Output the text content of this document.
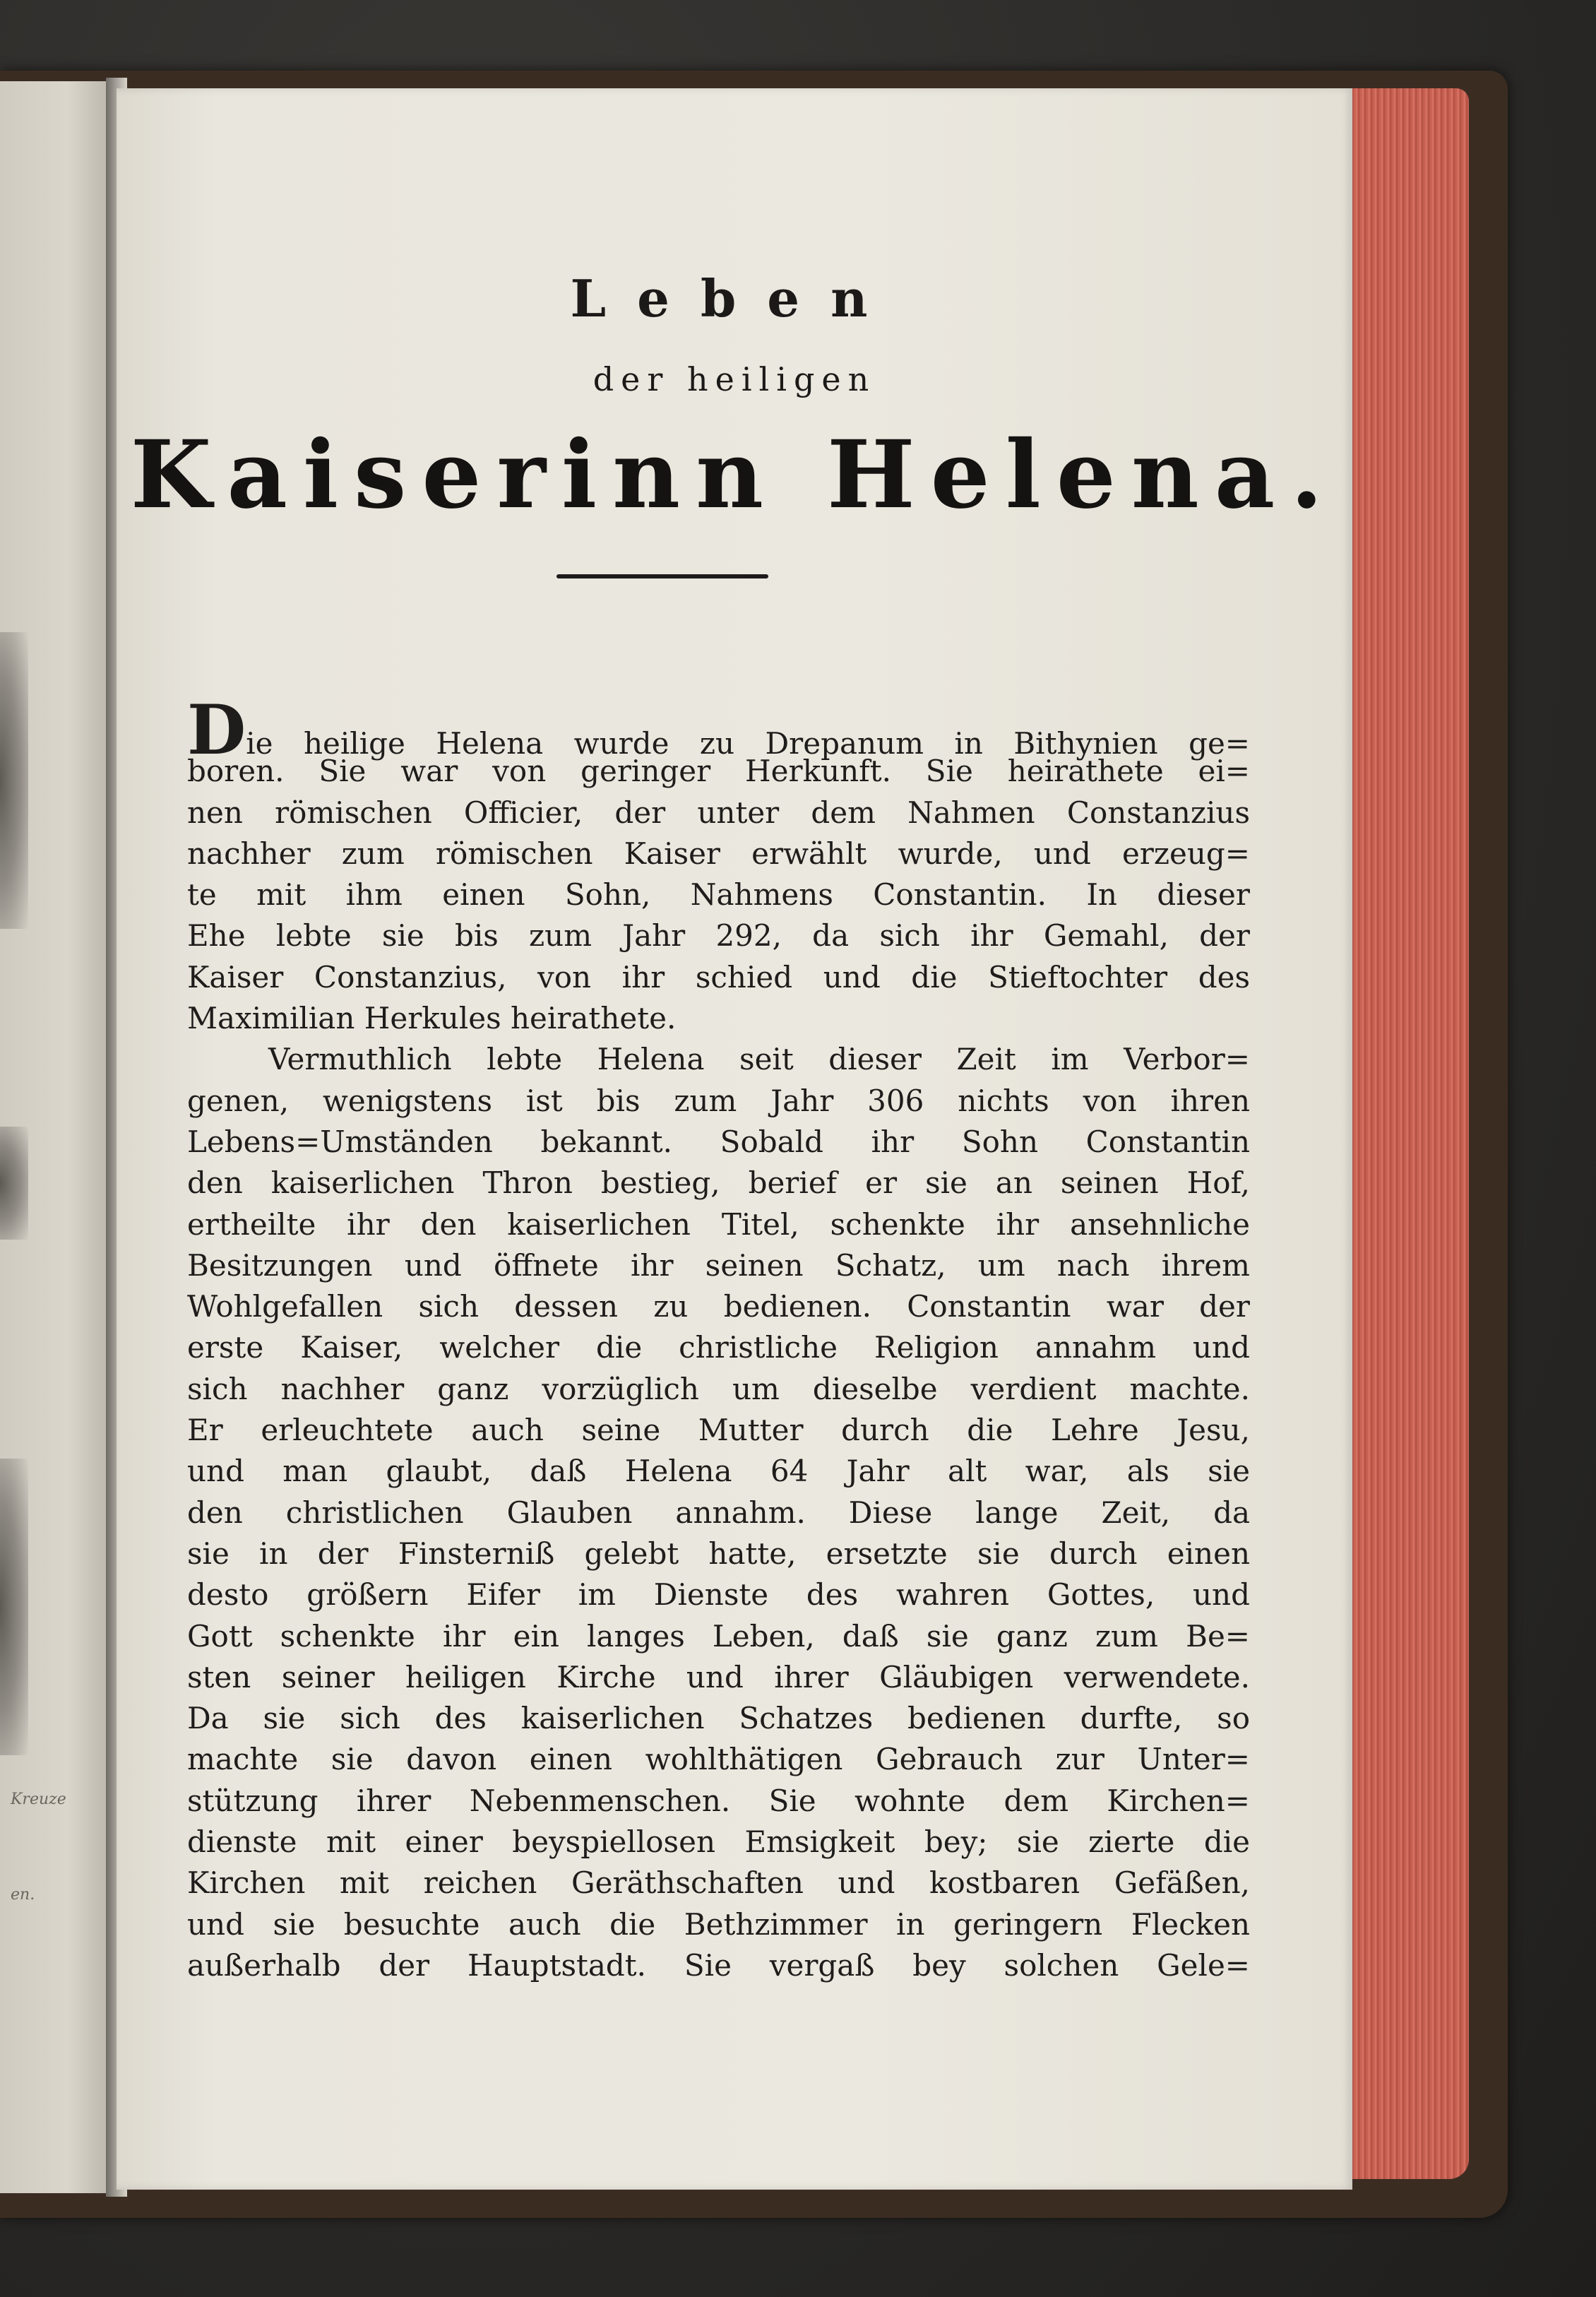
Kreuze
en.
Leben
der heiligen
Kaiserinn Helena.
Die heilige Helena wurde zu Drepanum in Bithynien ge=
boren. Sie war von geringer Herkunft. Sie heirathete ei=
nen römischen Officier, der unter dem Nahmen Constanzius
nachher zum römischen Kaiser erwählt wurde, und erzeug=
te mit ihm einen Sohn, Nahmens Constantin. In dieser
Ehe lebte sie bis zum Jahr 292, da sich ihr Gemahl, der
Kaiser Constanzius, von ihr schied und die Stieftochter des
Maximilian Herkules heirathete.
Vermuthlich lebte Helena seit dieser Zeit im Verbor=
genen, wenigstens ist bis zum Jahr 306 nichts von ihren
Lebens=Umständen bekannt. Sobald ihr Sohn Constantin
den kaiserlichen Thron bestieg, berief er sie an seinen Hof,
ertheilte ihr den kaiserlichen Titel, schenkte ihr ansehnliche
Besitzungen und öffnete ihr seinen Schatz, um nach ihrem
Wohlgefallen sich dessen zu bedienen. Constantin war der
erste Kaiser, welcher die christliche Religion annahm und
sich nachher ganz vorzüglich um dieselbe verdient machte.
Er erleuchtete auch seine Mutter durch die Lehre Jesu,
und man glaubt, daß Helena 64 Jahr alt war, als sie
den christlichen Glauben annahm. Diese lange Zeit, da
sie in der Finsterniß gelebt hatte, ersetzte sie durch einen
desto größern Eifer im Dienste des wahren Gottes, und
Gott schenkte ihr ein langes Leben, daß sie ganz zum Be=
sten seiner heiligen Kirche und ihrer Gläubigen verwendete.
Da sie sich des kaiserlichen Schatzes bedienen durfte, so
machte sie davon einen wohlthätigen Gebrauch zur Unter=
stützung ihrer Nebenmenschen. Sie wohnte dem Kirchen=
dienste mit einer beyspiellosen Emsigkeit bey; sie zierte die
Kirchen mit reichen Geräthschaften und kostbaren Gefäßen,
und sie besuchte auch die Bethzimmer in geringern Flecken
außerhalb der Hauptstadt. Sie vergaß bey solchen Gele=
